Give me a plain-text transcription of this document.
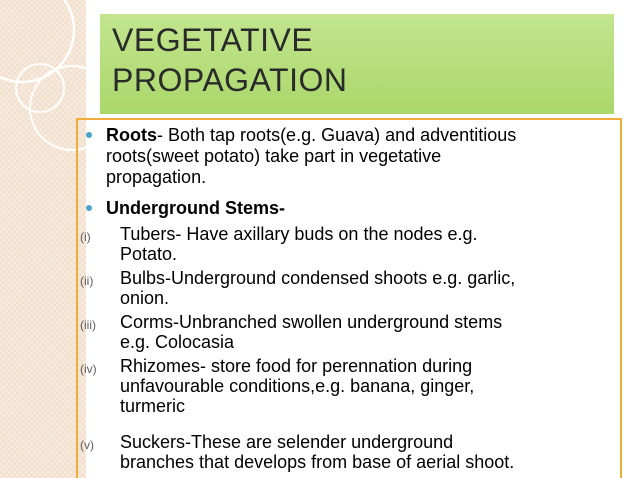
VEGETATIVE
PROPAGATION
Roots- Both tap roots(e.g. Guava) and adventitious
roots(sweet potato) take part in vegetative
propagation.
Underground Stems-
(i)	Tubers- Have axillary buds on the nodes e.g.
Potato.
(ii)	Bulbs-Underground condensed shoots e.g. garlic,
onion.
(iii)	Corms-Unbranched swollen underground stems
e.g. Colocasia
(iv)	Rhizomes- store food for perennation during
unfavourable conditions,e.g. banana, ginger,
turmeric
(v)	Suckers-These are selender underground
branches that develops from base of aerial shoot.
